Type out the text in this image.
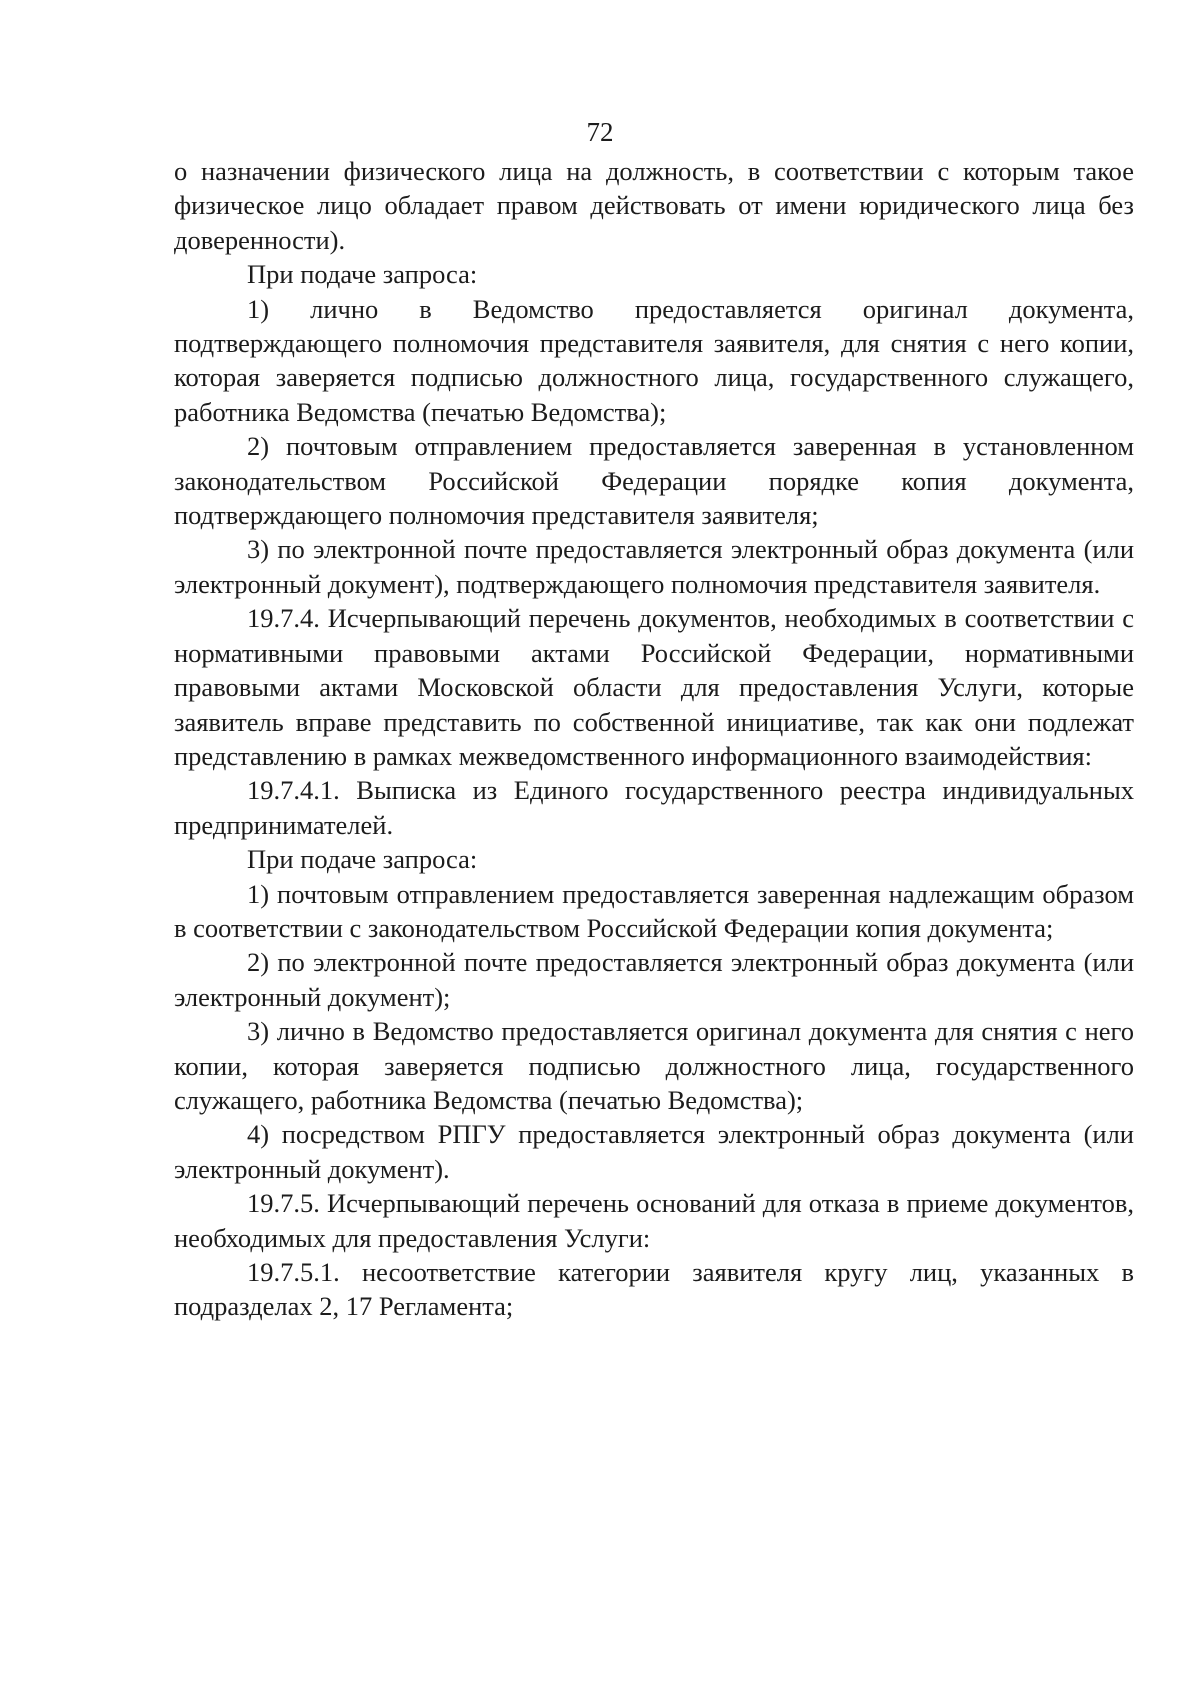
72

о назначении физического лица на должность, в соответствии с которым такое физическое лицо обладает правом действовать от имени юридического лица без доверенности).

При подаче запроса:

1) лично в Ведомство предоставляется оригинал документа, подтверждающего полномочия представителя заявителя, для снятия с него копии, которая заверяется подписью должностного лица, государственного служащего, работника Ведомства (печатью Ведомства);

2) почтовым отправлением предоставляется заверенная в установленном законодательством Российской Федерации порядке копия документа, подтверждающего полномочия представителя заявителя;

3) по электронной почте предоставляется электронный образ документа (или электронный документ), подтверждающего полномочия представителя заявителя.

19.7.4. Исчерпывающий перечень документов, необходимых в соответствии с нормативными правовыми актами Российской Федерации, нормативными правовыми актами Московской области для предоставления Услуги, которые заявитель вправе представить по собственной инициативе, так как они подлежат представлению в рамках межведомственного информационного взаимодействия:

19.7.4.1. Выписка из Единого государственного реестра индивидуальных предпринимателей.

При подаче запроса:

1) почтовым отправлением предоставляется заверенная надлежащим образом в соответствии с законодательством Российской Федерации копия документа;

2) по электронной почте предоставляется электронный образ документа (или электронный документ);

3) лично в Ведомство предоставляется оригинал документа для снятия с него копии, которая заверяется подписью должностного лица, государственного служащего, работника Ведомства (печатью Ведомства);

4) посредством РПГУ предоставляется электронный образ документа (или электронный документ).

19.7.5. Исчерпывающий перечень оснований для отказа в приеме документов, необходимых для предоставления Услуги:

19.7.5.1. несоответствие категории заявителя кругу лиц, указанных в подразделах 2, 17 Регламента;
